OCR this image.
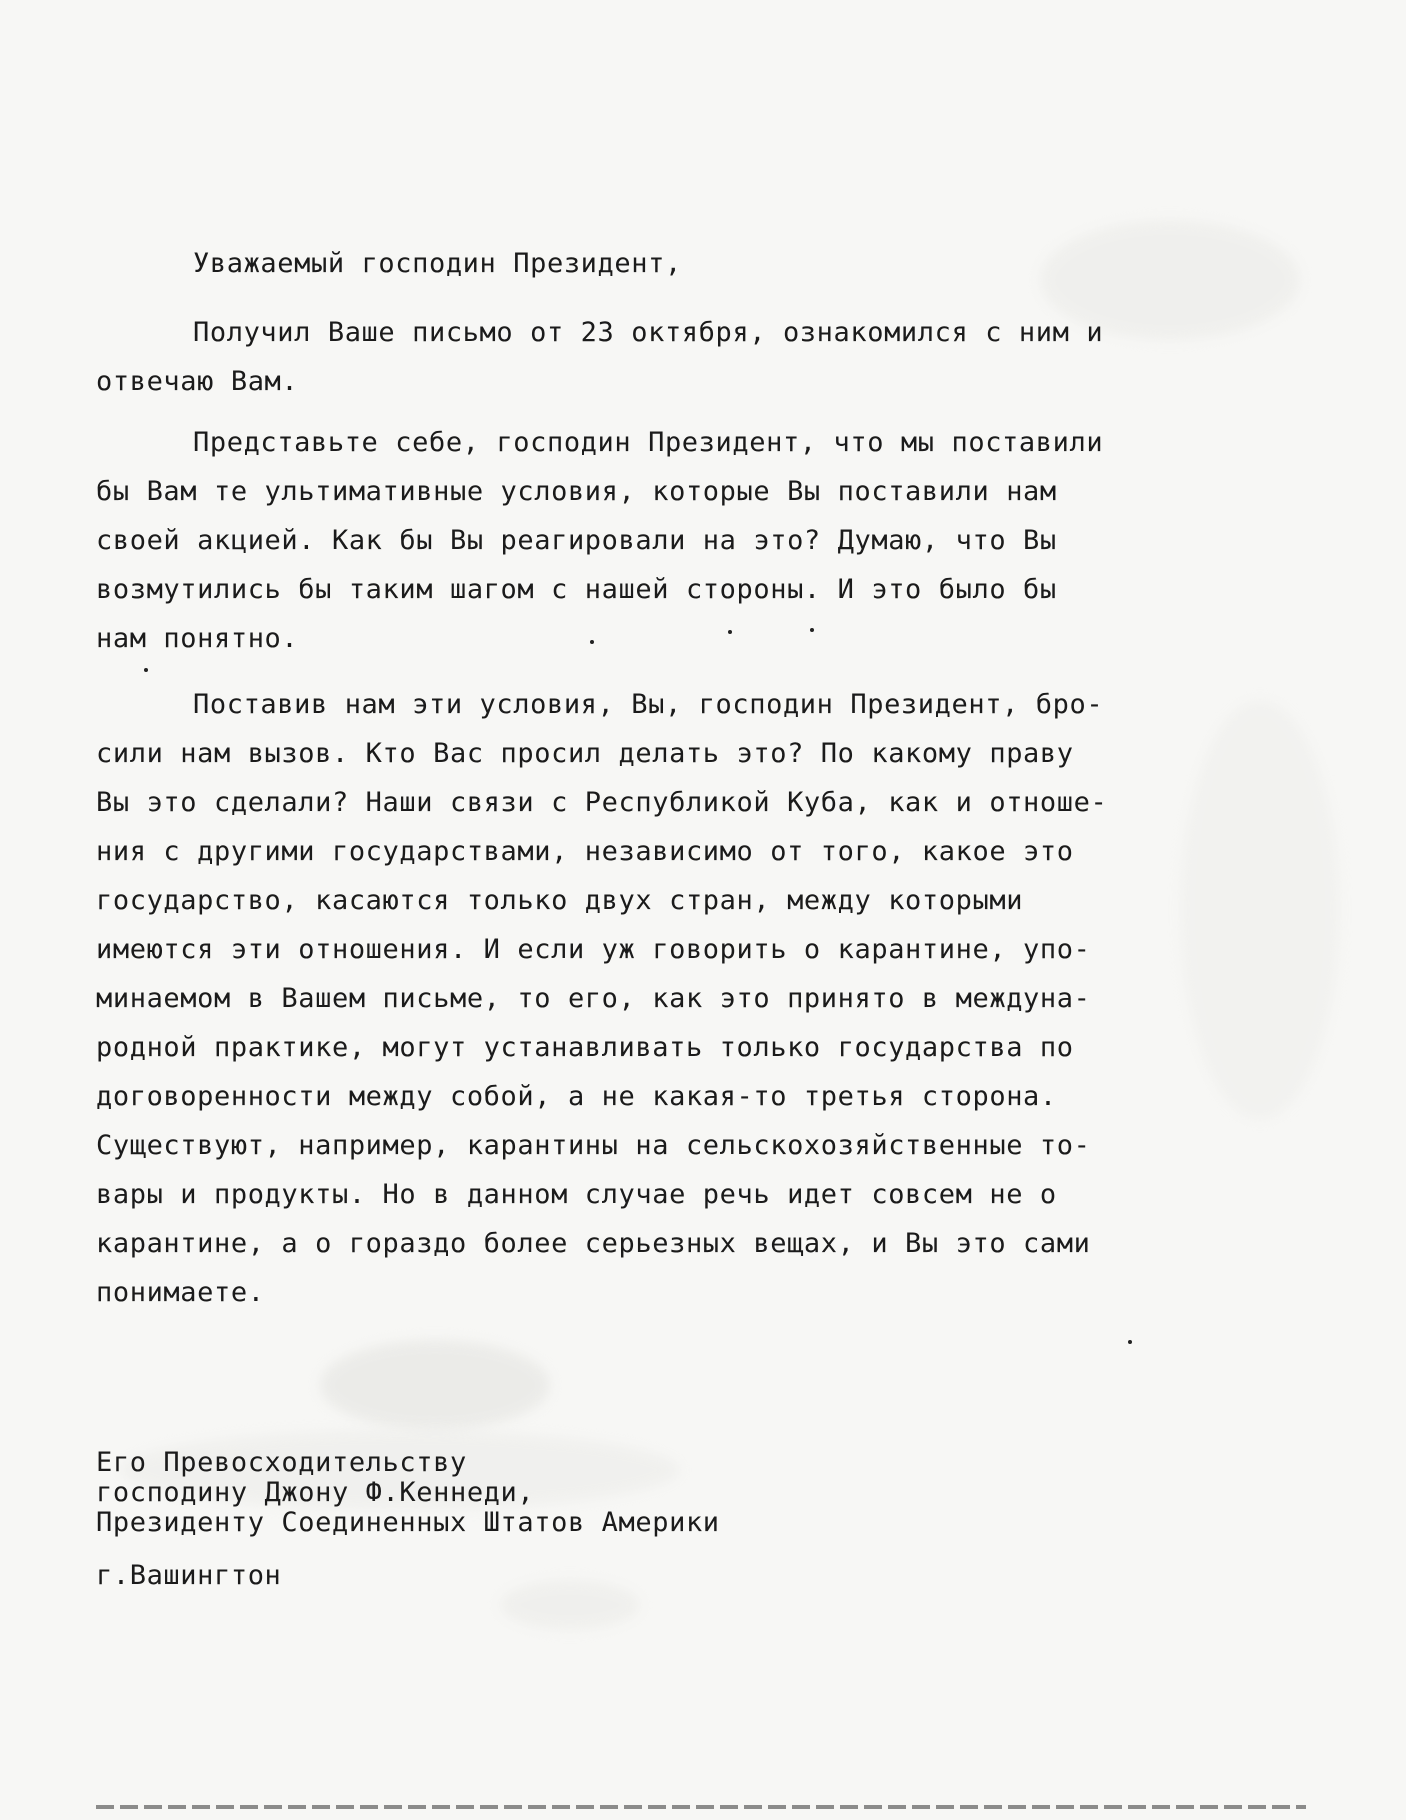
Уважаемый господин Президент,
Получил Ваше письмо от 23 октября, ознакомился с ним и
отвечаю Вам.
Представьте себе, господин Президент, что мы поставили
бы Вам те ультимативные условия, которые Вы поставили нам
своей акцией. Как бы Вы реагировали на это? Думаю, что Вы
возмутились бы таким шагом с нашей стороны. И это было бы
нам понятно.
Поставив нам эти условия, Вы, господин Президент, бро-
сили нам вызов. Кто Вас просил делать это? По какому праву
Вы это сделали? Наши связи с Республикой Куба, как и отноше-
ния с другими государствами, независимо от того, какое это
государство, касаются только двух стран, между которыми
имеются эти отношения. И если уж говорить о карантине, упо-
минаемом в Вашем письме, то его, как это принято в междуна-
родной практике, могут устанавливать только государства по
договоренности между собой, а не какая-то третья сторона.
Существуют, например, карантины на сельскохозяйственные то-
вары и продукты. Но в данном случае речь идет совсем не о
карантине, а о гораздо более серьезных вещах, и Вы это сами
понимаете.
Его Превосходительству
господину Джону Ф.Кеннеди,
Президенту Соединенных Штатов Америки
г.Вашингтон
